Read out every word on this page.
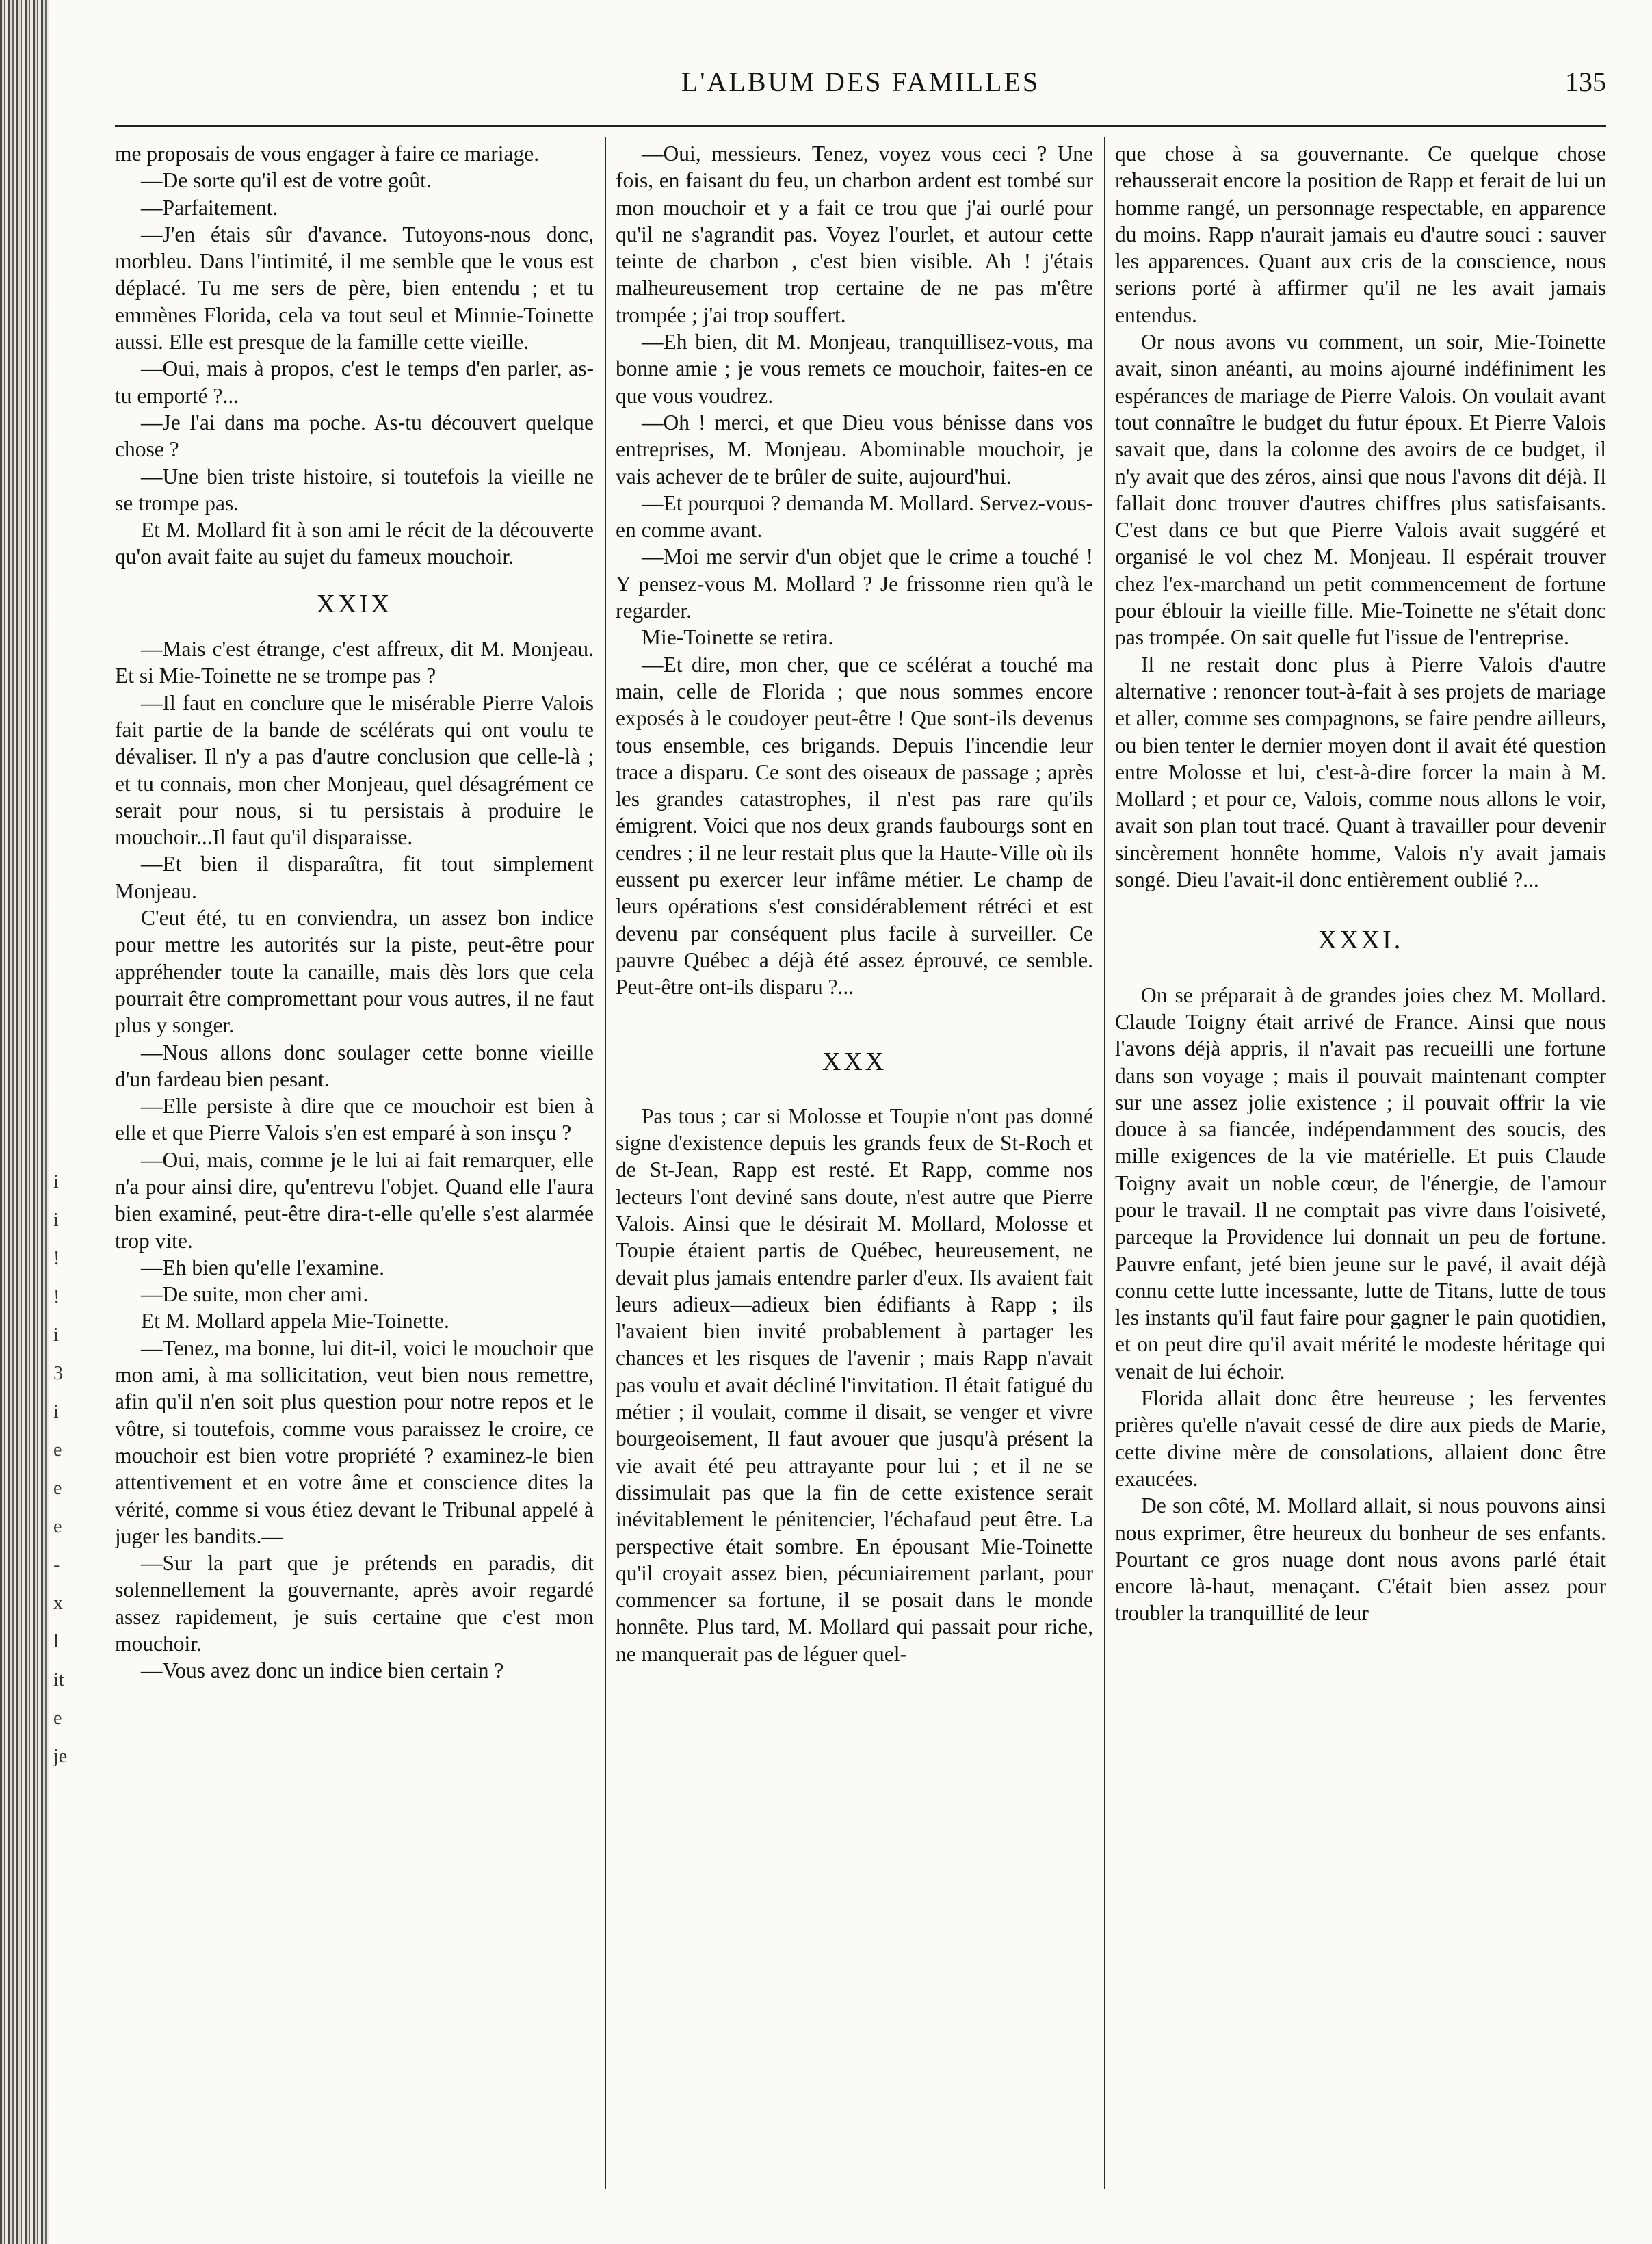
i
i
!
!
i
3
i
e
e
e
-
x
l
it
e
je
L'ALBUM DES FAMILLES	135

me proposais de vous engager à faire ce mariage.

—De sorte qu'il est de votre goût.

—Parfaitement.

—J'en étais sûr d'avance. Tutoyons-nous donc, morbleu. Dans l'intimité, il me semble que le vous est déplacé. Tu me sers de père, bien entendu ; et tu emmènes Florida, cela va tout seul et Minnie-Toinette aussi. Elle est presque de la famille cette vieille.

—Oui, mais à propos, c'est le temps d'en parler, as-tu emporté ?...

—Je l'ai dans ma poche. As-tu découvert quelque chose ?

—Une bien triste histoire, si toutefois la vieille ne se trompe pas.

Et M. Mollard fit à son ami le récit de la découverte qu'on avait faite au sujet du fameux mouchoir.

XXIX

—Mais c'est étrange, c'est affreux, dit M. Monjeau. Et si Mie-Toinette ne se trompe pas ?

—Il faut en conclure que le misérable Pierre Valois fait partie de la bande de scélérats qui ont voulu te dévaliser. Il n'y a pas d'autre conclusion que celle-là ; et tu connais, mon cher Monjeau, quel désagrément ce serait pour nous, si tu persistais à produire le mouchoir...Il faut qu'il disparaisse.

—Et bien il disparaîtra, fit tout simplement Monjeau.

C'eut été, tu en conviendra, un assez bon indice pour mettre les autorités sur la piste, peut-être pour appréhender toute la canaille, mais dès lors que cela pourrait être compromettant pour vous autres, il ne faut plus y songer.

—Nous allons donc soulager cette bonne vieille d'un fardeau bien pesant.

—Elle persiste à dire que ce mouchoir est bien à elle et que Pierre Valois s'en est emparé à son insçu ?

—Oui, mais, comme je le lui ai fait remarquer, elle n'a pour ainsi dire, qu'entrevu l'objet. Quand elle l'aura bien examiné, peut-être dira-t-elle qu'elle s'est alarmée trop vite.

—Eh bien qu'elle l'examine.

—De suite, mon cher ami.

Et M. Mollard appela Mie-Toinette.

—Tenez, ma bonne, lui dit-il, voici le mouchoir que mon ami, à ma sollicitation, veut bien nous remettre, afin qu'il n'en soit plus question pour notre repos et le vôtre, si toutefois, comme vous paraissez le croire, ce mouchoir est bien votre propriété ? examinez-le bien attentivement et en votre âme et conscience dites la vérité, comme si vous étiez devant le Tribunal appelé à juger les bandits.—

—Sur la part que je prétends en paradis, dit solennellement la gouvernante, après avoir regardé assez rapidement, je suis certaine que c'est mon mouchoir.

—Vous avez donc un indice bien certain ?

—Oui, messieurs. Tenez, voyez vous ceci ? Une fois, en faisant du feu, un charbon ardent est tombé sur mon mouchoir et y a fait ce trou que j'ai ourlé pour qu'il ne s'agrandit pas. Voyez l'ourlet, et autour cette teinte de charbon , c'est bien visible. Ah ! j'étais malheureusement trop certaine de ne pas m'être trompée ; j'ai trop souffert.

—Eh bien, dit M. Monjeau, tranquillisez-vous, ma bonne amie ; je vous remets ce mouchoir, faites-en ce que vous voudrez.

—Oh ! merci, et que Dieu vous bénisse dans vos entreprises, M. Monjeau. Abominable mouchoir, je vais achever de te brûler de suite, aujourd'hui.

—Et pourquoi ? demanda M. Mollard. Servez-vous-en comme avant.

—Moi me servir d'un objet que le crime a touché ! Y pensez-vous M. Mollard ? Je frissonne rien qu'à le regarder.

Mie-Toinette se retira.

—Et dire, mon cher, que ce scélérat a touché ma main, celle de Florida ; que nous sommes encore exposés à le coudoyer peut-être ! Que sont-ils devenus tous ensemble, ces brigands. Depuis l'incendie leur trace a disparu. Ce sont des oiseaux de passage ; après les grandes catastrophes, il n'est pas rare qu'ils émigrent. Voici que nos deux grands faubourgs sont en cendres ; il ne leur restait plus que la Haute-Ville où ils eussent pu exercer leur infâme métier. Le champ de leurs opérations s'est considérablement rétréci et est devenu par conséquent plus facile à surveiller. Ce pauvre Québec a déjà été assez éprouvé, ce semble. Peut-être ont-ils disparu ?...

XXX

Pas tous ; car si Molosse et Toupie n'ont pas donné signe d'existence depuis les grands feux de St-Roch et de St-Jean, Rapp est resté. Et Rapp, comme nos lecteurs l'ont deviné sans doute, n'est autre que Pierre Valois. Ainsi que le désirait M. Mollard, Molosse et Toupie étaient partis de Québec, heureusement, ne devait plus jamais entendre parler d'eux. Ils avaient fait leurs adieux—adieux bien édifiants à Rapp ; ils l'avaient bien invité probablement à partager les chances et les risques de l'avenir ; mais Rapp n'avait pas voulu et avait décliné l'invitation. Il était fatigué du métier ; il voulait, comme il disait, se venger et vivre bourgeoisement, Il faut avouer que jusqu'à présent la vie avait été peu attrayante pour lui ; et il ne se dissimulait pas que la fin de cette existence serait inévitablement le pénitencier, l'échafaud peut être. La perspective était sombre. En épousant Mie-Toinette qu'il croyait assez bien, pécuniairement parlant, pour commencer sa fortune, il se posait dans le monde honnête. Plus tard, M. Mollard qui passait pour riche, ne manquerait pas de léguer quel-

que chose à sa gouvernante. Ce quelque chose rehausserait encore la position de Rapp et ferait de lui un homme rangé, un personnage respectable, en apparence du moins. Rapp n'aurait jamais eu d'autre souci : sauver les apparences. Quant aux cris de la conscience, nous serions porté à affirmer qu'il ne les avait jamais entendus.

Or nous avons vu comment, un soir, Mie-Toinette avait, sinon anéanti, au moins ajourné indéfiniment les espérances de mariage de Pierre Valois. On voulait avant tout connaître le budget du futur époux. Et Pierre Valois savait que, dans la colonne des avoirs de ce budget, il n'y avait que des zéros, ainsi que nous l'avons dit déjà. Il fallait donc trouver d'autres chiffres plus satisfaisants. C'est dans ce but que Pierre Valois avait suggéré et organisé le vol chez M. Monjeau. Il espérait trouver chez l'ex-marchand un petit commencement de fortune pour éblouir la vieille fille. Mie-Toinette ne s'était donc pas trompée. On sait quelle fut l'issue de l'entreprise.

Il ne restait donc plus à Pierre Valois d'autre alternative : renoncer tout-à-fait à ses projets de mariage et aller, comme ses compagnons, se faire pendre ailleurs, ou bien tenter le dernier moyen dont il avait été question entre Molosse et lui, c'est-à-dire forcer la main à M. Mollard ; et pour ce, Valois, comme nous allons le voir, avait son plan tout tracé. Quant à travailler pour devenir sincèrement honnête homme, Valois n'y avait jamais songé. Dieu l'avait-il donc entièrement oublié ?...

XXXI.

On se préparait à de grandes joies chez M. Mollard. Claude Toigny était arrivé de France. Ainsi que nous l'avons déjà appris, il n'avait pas recueilli une fortune dans son voyage ; mais il pouvait maintenant compter sur une assez jolie existence ; il pouvait offrir la vie douce à sa fiancée, indépendamment des soucis, des mille exigences de la vie matérielle. Et puis Claude Toigny avait un noble cœur, de l'énergie, de l'amour pour le travail. Il ne comptait pas vivre dans l'oisiveté, parceque la Providence lui donnait un peu de fortune. Pauvre enfant, jeté bien jeune sur le pavé, il avait déjà connu cette lutte incessante, lutte de Titans, lutte de tous les instants qu'il faut faire pour gagner le pain quotidien, et on peut dire qu'il avait mérité le modeste héritage qui venait de lui échoir.

Florida allait donc être heureuse ; les ferventes prières qu'elle n'avait cessé de dire aux pieds de Marie, cette divine mère de consolations, allaient donc être exaucées.

De son côté, M. Mollard allait, si nous pouvons ainsi nous exprimer, être heureux du bonheur de ses enfants. Pourtant ce gros nuage dont nous avons parlé était encore là-haut, menaçant. C'était bien assez pour troubler la tranquillité de leur
